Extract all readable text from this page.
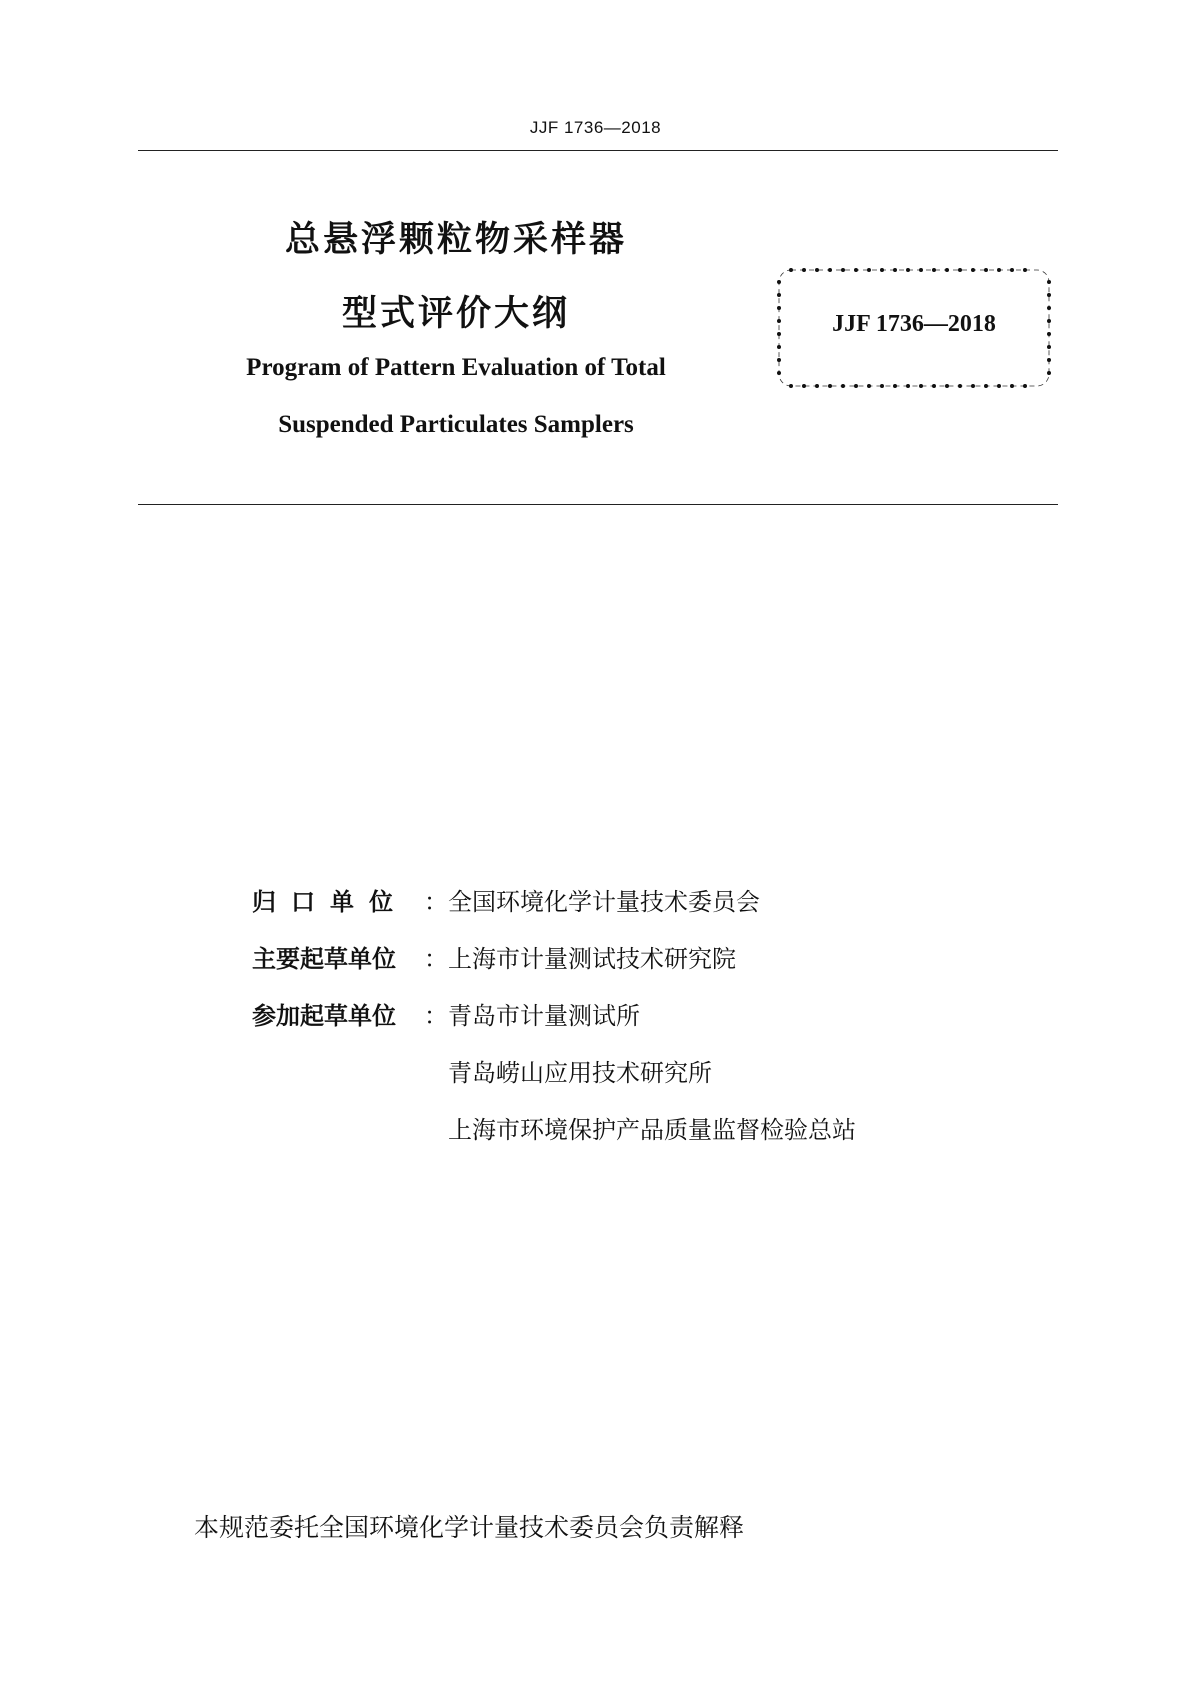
JJF 1736—2018
总悬浮颗粒物采样器
型式评价大纲
Program of Pattern Evaluation of Total
Suspended Particulates Samplers
JJF 1736—2018
归口单位 ： 全国环境化学计量技术委员会
主要起草单位	： 上海市计量测试技术研究院
参加起草单位	： 青岛市计量测试所
青岛崂山应用技术研究所
上海市环境保护产品质量监督检验总站
本规范委托全国环境化学计量技术委员会负责解释
